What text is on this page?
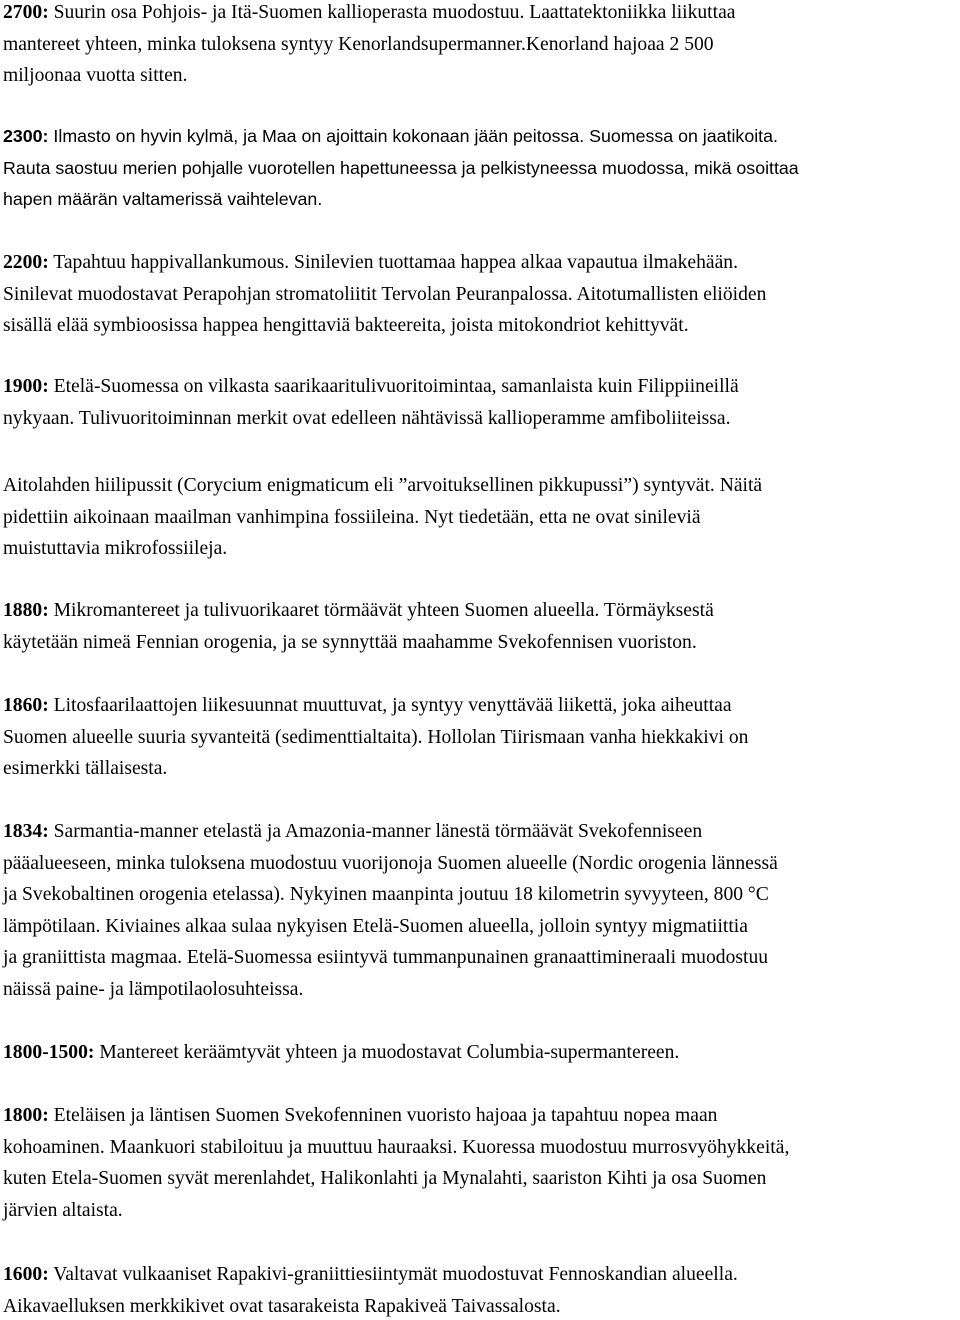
2700: Suurin osa Pohjois- ja Itä-Suomen kallioperasta muodostuu. Laattatektoniikka liikuttaa
mantereet yhteen, minka tuloksena syntyy Kenorlandsupermanner.Kenorland hajoaa 2 500
miljoonaa vuotta sitten.
2300: Ilmasto on hyvin kylmä, ja Maa on ajoittain kokonaan jään peitossa. Suomessa on jaatikoita.
Rauta saostuu merien pohjalle vuorotellen hapettuneessa ja pelkistyneessa muodossa, mikä osoittaa
hapen määrän valtamerissä vaihtelevan.
2200: Tapahtuu happivallankumous. Sinilevien tuottamaa happea alkaa vapautua ilmakehään.
Sinilevat muodostavat Perapohjan stromatoliitit Tervolan Peuranpalossa. Aitotumallisten eliöiden
sisällä elää symbioosissa happea hengittaviä bakteereita, joista mitokondriot kehittyvät.
1900: Etelä-Suomessa on vilkasta saarikaaritulivuoritoimintaa, samanlaista kuin Filippiineillä
nykyaan. Tulivuoritoiminnan merkit ovat edelleen nähtävissä kallioperamme amfiboliiteissa.
Aitolahden hiilipussit (Corycium enigmaticum eli ”arvoituksellinen pikkupussi”) syntyvät. Näitä
pidettiin aikoinaan maailman vanhimpina fossiileina. Nyt tiedetään, etta ne ovat sinileviä
muistuttavia mikrofossiileja.
1880: Mikromantereet ja tulivuorikaaret törmäävät yhteen Suomen alueella. Törmäyksestä
käytetään nimeä Fennian orogenia, ja se synnyttää maahamme Svekofennisen vuoriston.
1860: Litosfaarilaattojen liikesuunnat muuttuvat, ja syntyy venyttävää liikettä, joka aiheuttaa
Suomen alueelle suuria syvanteitä (sedimenttialtaita). Hollolan Tiirismaan vanha hiekkakivi on
esimerkki tällaisesta.
1834: Sarmantia-manner etelastä ja Amazonia-manner länestä törmäävät Svekofenniseen
pääalueeseen, minka tuloksena muodostuu vuorijonoja Suomen alueelle (Nordic orogenia lännessä
ja Svekobaltinen orogenia etelassa). Nykyinen maanpinta joutuu 18 kilometrin syvyyteen, 800 °C
lämpötilaan. Kiviaines alkaa sulaa nykyisen Etelä-Suomen alueella, jolloin syntyy migmatiittia
ja graniittista magmaa. Etelä-Suomessa esiintyvä tummanpunainen granaattimineraali muodostuu
näissä paine- ja lämpotilaolosuhteissa.
1800-1500: Mantereet keräämtyvät yhteen ja muodostavat Columbia-supermantereen.
1800: Eteläisen ja läntisen Suomen Svekofenninen vuoristo hajoaa ja tapahtuu nopea maan
kohoaminen. Maankuori stabiloituu ja muuttuu hauraaksi. Kuoressa muodostuu murrosvyöhykkeitä,
kuten Etela-Suomen syvät merenlahdet, Halikonlahti ja Mynalahti, saariston Kihti ja osa Suomen
järvien altaista.
1600: Valtavat vulkaaniset Rapakivi-graniittiesiintymät muodostuvat Fennoskandian alueella.
Aikavaelluksen merkkikivet ovat tasarakeista Rapakiveä Taivassalosta.
